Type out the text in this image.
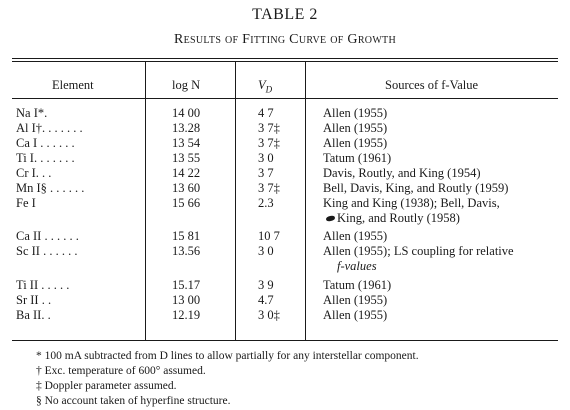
TABLE 2
Results of Fitting Curve of Growth
Element	log N	$V_D$	Sources of f-Value
Na I*.	14 00	4 7	Allen (1955)
Al I†. . . . . . .	13.28	3 7‡	Allen (1955)
Ca I . . . . . .	13 54	3 7‡	Allen (1955)
Ti I. . . . . . .	13 55	3 0	Tatum (1961)
Cr I. . .	14 22	3 7	Davis, Routly, and King (1954)
Mn I§ . . . . . .	13 60	3 7‡	Bell, Davis, King, and Routly (1959)
Fe I	15 66	2.3	King and King (1938); Bell, Davis,
King, and Routly (1958)
Ca II . . . . . .	15 81	10 7	Allen (1955)
Sc II . . . . . .	13.56	3 0	Allen (1955); LS coupling for relative
f-values
Ti II . . . . .	15.17	3 9	Tatum (1961)
Sr II . .	13 00	4.7	Allen (1955)
Ba II. .	12.19	3 0‡	Allen (1955)
* 100 mA subtracted from D lines to allow partially for any interstellar component.
† Exc. temperature of 600° assumed.
‡ Doppler parameter assumed.
§ No account taken of hyperfine structure.
